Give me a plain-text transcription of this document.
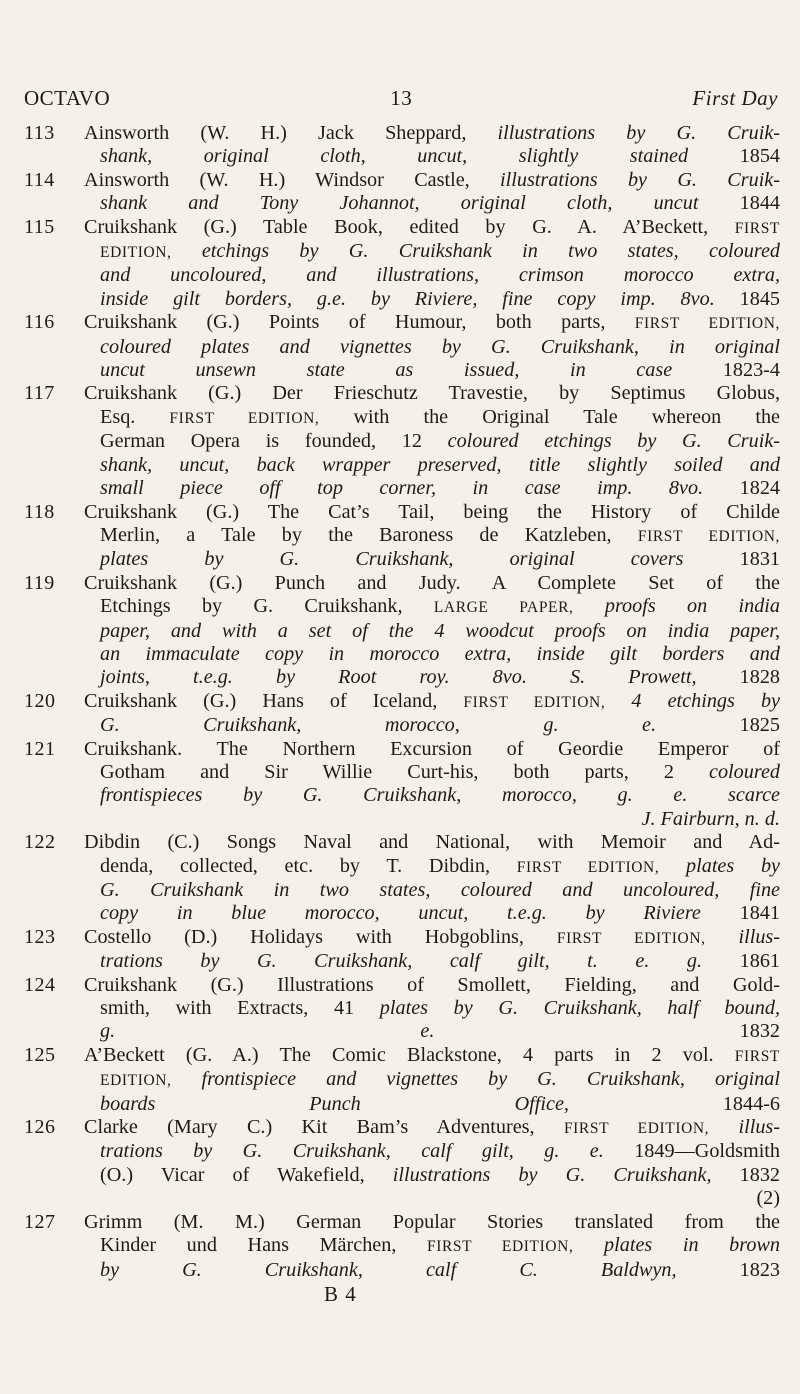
OCTAVO	13	First Day
113	Ainsworth (W. H.) Jack Sheppard, illustrations by G. Cruik-
shank, original cloth, uncut, slightly stained 1854
114	Ainsworth (W. H.) Windsor Castle, illustrations by G. Cruik-
shank and Tony Johannot, original cloth, uncut 1844
115	Cruikshank (G.) Table Book, edited by G. A. A’Beckett, FIRST
EDITION, etchings by G. Cruikshank in two states, coloured
and uncoloured, and illustrations, crimson morocco extra,
inside gilt borders, g.e. by Riviere, fine copy imp. 8vo. 1845
116	Cruikshank (G.) Points of Humour, both parts, FIRST EDITION,
coloured plates and vignettes by G. Cruikshank, in original
uncut unsewn state as issued, in case 1823-4
117	Cruikshank (G.) Der Frieschutz Travestie, by Septimus Globus,
Esq. FIRST EDITION, with the Original Tale whereon the
German Opera is founded, 12 coloured etchings by G. Cruik-
shank, uncut, back wrapper preserved, title slightly soiled and
small piece off top corner, in case imp. 8vo. 1824
118	Cruikshank (G.) The Cat’s Tail, being the History of Childe
Merlin, a Tale by the Baroness de Katzleben, FIRST EDITION,
plates by G. Cruikshank, original covers 1831
119	Cruikshank (G.) Punch and Judy. A Complete Set of the
Etchings by G. Cruikshank, LARGE PAPER, proofs on india
paper, and with a set of the 4 woodcut proofs on india paper,
an immaculate copy in morocco extra, inside gilt borders and
joints, t.e.g. by Root roy. 8vo. S. Prowett, 1828
120	Cruikshank (G.) Hans of Iceland, FIRST EDITION, 4 etchings by
G. Cruikshank, morocco, g. e. 1825
121	Cruikshank. The Northern Excursion of Geordie Emperor of
Gotham and Sir Willie Curt-his, both parts, 2 coloured
frontispieces by G. Cruikshank, morocco, g. e. scarce
J. Fairburn, n. d.
122	Dibdin (C.) Songs Naval and National, with Memoir and Ad-
denda, collected, etc. by T. Dibdin, FIRST EDITION, plates by
G. Cruikshank in two states, coloured and uncoloured, fine
copy in blue morocco, uncut, t.e.g. by Riviere 1841
123	Costello (D.) Holidays with Hobgoblins, FIRST EDITION, illus-
trations by G. Cruikshank, calf gilt, t. e. g. 1861
124	Cruikshank (G.) Illustrations of Smollett, Fielding, and Gold-
smith, with Extracts, 41 plates by G. Cruikshank, half bound,
g. e. 1832
125	A’Beckett (G. A.) The Comic Blackstone, 4 parts in 2 vol. FIRST
EDITION, frontispiece and vignettes by G. Cruikshank, original
boards	Punch Office, 1844-6
126	Clarke (Mary C.) Kit Bam’s Adventures, FIRST EDITION, illus-
trations by G. Cruikshank, calf gilt, g. e. 1849—Goldsmith
(O.) Vicar of Wakefield, illustrations by G. Cruikshank, 1832
(2)
127	Grimm (M. M.) German Popular Stories translated from the
Kinder und Hans Märchen, FIRST EDITION, plates in brown
by G. Cruikshank, calf	C. Baldwyn, 1823
B 4
